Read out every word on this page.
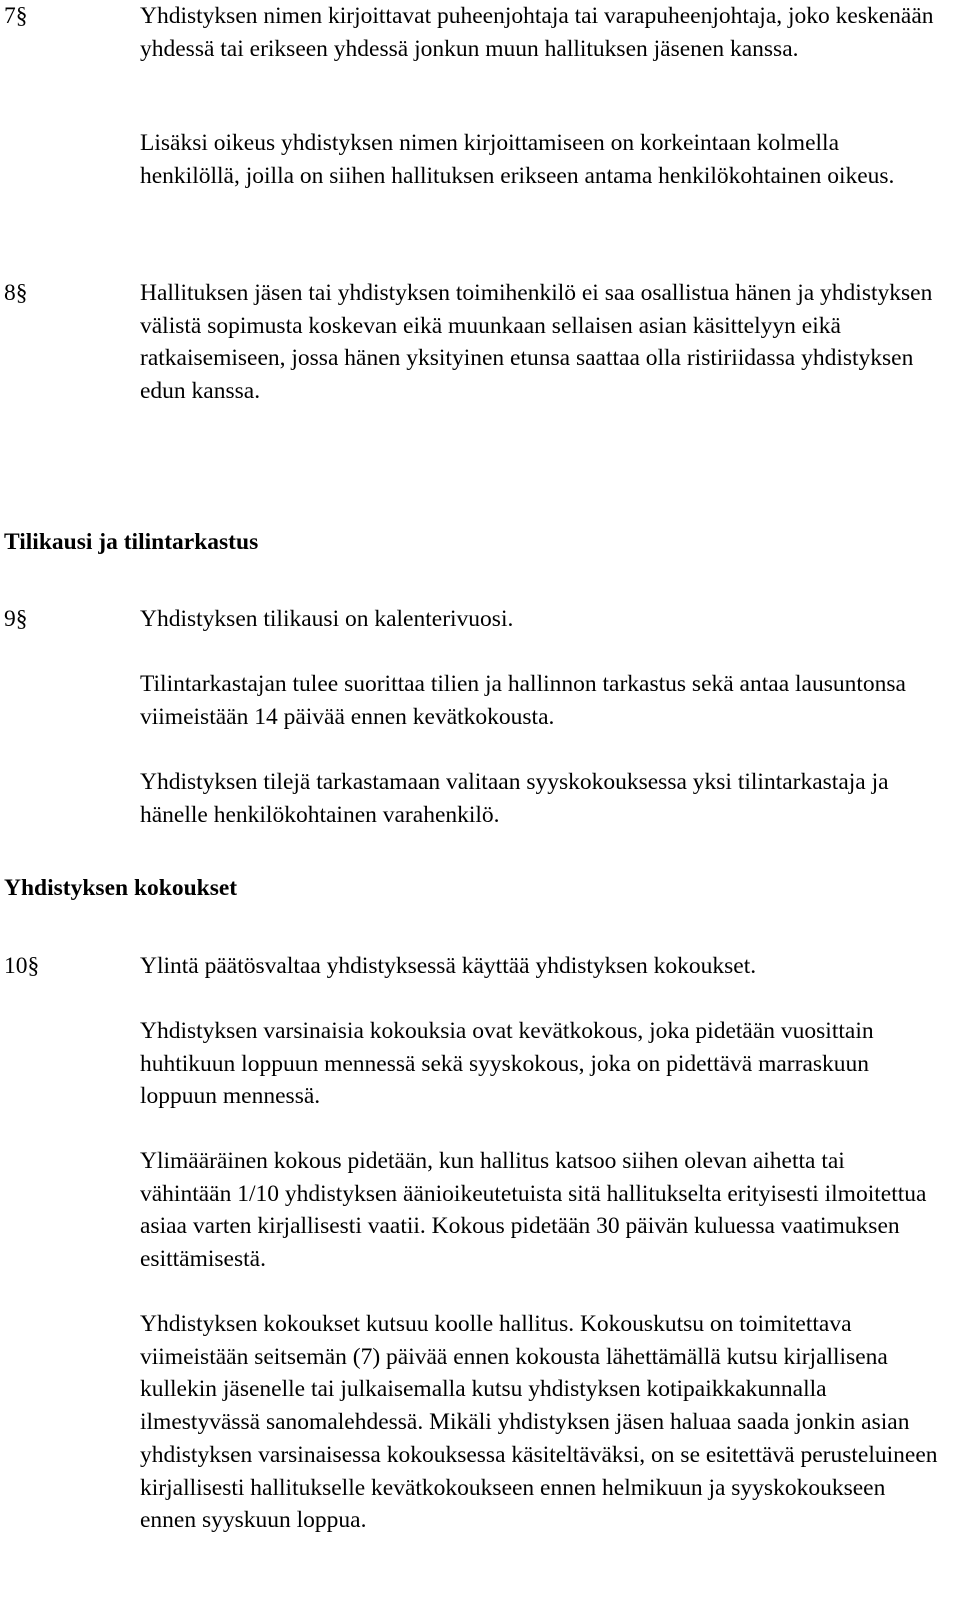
7§	Yhdistyksen nimen kirjoittavat puheenjohtaja tai varapuheenjohtaja, joko keskenään yhdessä tai erikseen yhdessä jonkun muun hallituksen jäsenen kanssa.

Lisäksi oikeus yhdistyksen nimen kirjoittamiseen on korkeintaan kolmella henkilöllä, joilla on siihen hallituksen erikseen antama henkilökohtainen oikeus.

8§	Hallituksen jäsen tai yhdistyksen toimihenkilö ei saa osallistua hänen ja yhdistyksen välistä sopimusta koskevan eikä muunkaan sellaisen asian käsittelyyn eikä ratkaisemiseen, jossa hänen yksityinen etunsa saattaa olla ristiriidassa yhdistyksen edun kanssa.

Tilikausi ja tilintarkastus
9§	Yhdistyksen tilikausi on kalenterivuosi.

Tilintarkastajan tulee suorittaa tilien ja hallinnon tarkastus sekä antaa lausuntonsa viimeistään 14 päivää ennen kevätkokousta.

Yhdistyksen tilejä tarkastamaan valitaan syyskokouksessa yksi tilintarkastaja ja hänelle henkilökohtainen varahenkilö.

Yhdistyksen kokoukset
10§	Ylintä päätösvaltaa yhdistyksessä käyttää yhdistyksen kokoukset.

Yhdistyksen varsinaisia kokouksia ovat kevätkokous, joka pidetään vuosittain huhtikuun loppuun mennessä sekä syyskokous, joka on pidettävä marraskuun loppuun mennessä.

Ylimääräinen kokous pidetään, kun hallitus katsoo siihen olevan aihetta tai vähintään 1/10 yhdistyksen äänioikeutetuista sitä hallitukselta erityisesti ilmoitettua asiaa varten kirjallisesti vaatii. Kokous pidetään 30 päivän kuluessa vaatimuksen esittämisestä.

Yhdistyksen kokoukset kutsuu koolle hallitus. Kokouskutsu on toimitettava viimeistään seitsemän (7) päivää ennen kokousta lähettämällä kutsu kirjallisena kullekin jäsenelle tai julkaisemalla kutsu yhdistyksen kotipaikkakunnalla ilmestyvässä sanomalehdessä. Mikäli yhdistyksen jäsen haluaa saada jonkin asian yhdistyksen varsinaisessa kokouksessa käsiteltäväksi, on se esitettävä perusteluineen kirjallisesti hallitukselle kevätkokoukseen ennen helmikuun ja syyskokoukseen ennen syyskuun loppua.
